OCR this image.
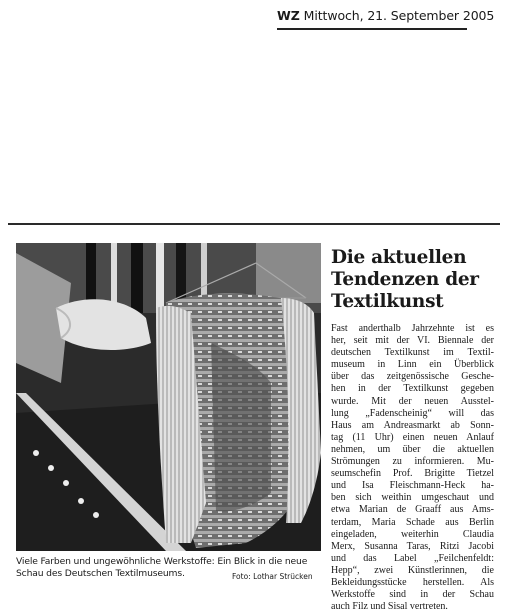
WZ Mittwoch, 21. September 2005
Viele Farben und ungewöhnliche Werkstoffe: Ein Blick in die neue
Schau des Deutschen Textilmuseums.	Foto: Lothar Strücken
Die aktuellen
Tendenzen der
Textilkunst
Fast anderthalb Jahrzehnte ist es
her, seit mit der VI. Biennale der
deutschen Textilkunst im Textil-
museum in Linn ein Überblick
über das zeitgenössische Gesche-
hen in der Textilkunst gegeben
wurde. Mit der neuen Ausstel-
lung „Fadenscheinig“ will das
Haus am Andreasmarkt ab Sonn-
tag (11 Uhr) einen neuen Anlauf
nehmen, um über die aktuellen
Strömungen zu informieren. Mu-
seumschefin Prof. Brigitte Tietzel
und Isa Fleischmann-Heck ha-
ben sich weithin umgeschaut und
etwa Marian de Graaff aus Ams-
terdam, Maria Schade aus Berlin
eingeladen, weiterhin Claudia
Merx, Susanna Taras, Ritzi Jacobi
und das Label „Feilchenfeldt:
Hepp“, zwei Künstlerinnen, die
Bekleidungsstücke herstellen. Als
Werkstoffe sind in der Schau
auch Filz und Sisal vertreten.
